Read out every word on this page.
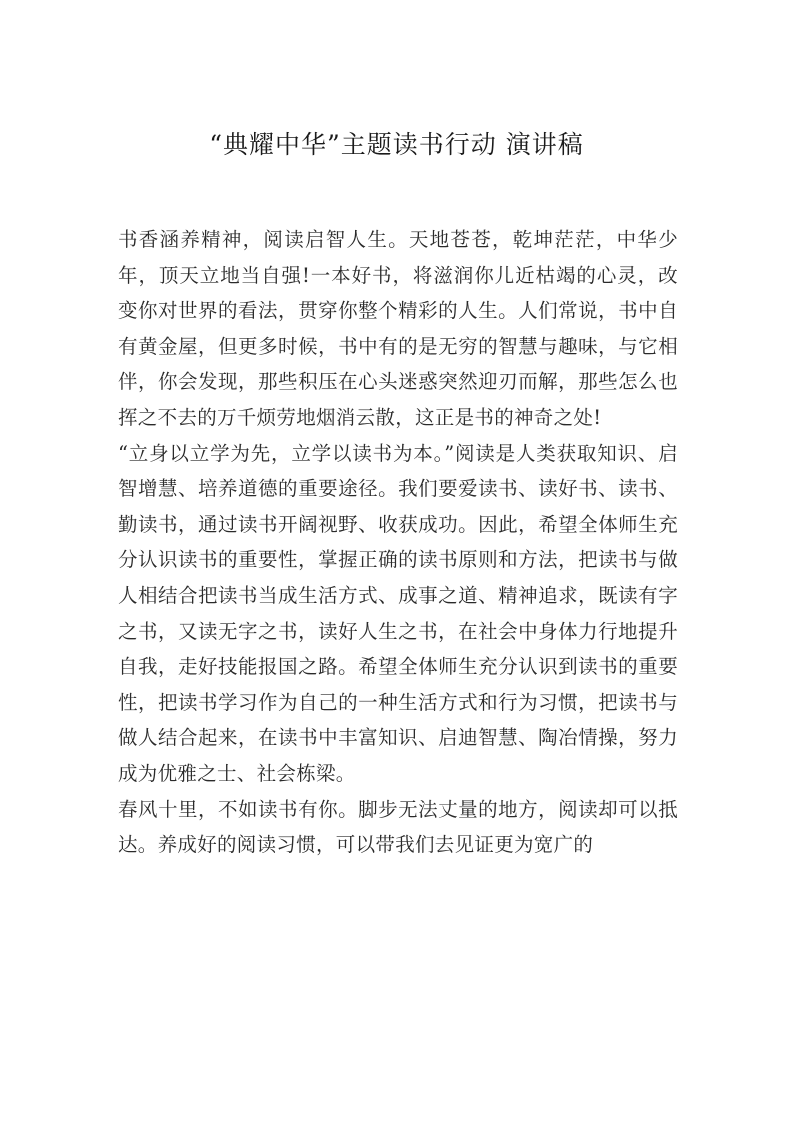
“典耀中华”主题读书行动 演讲稿

书香涵养精神，阅读启智人生。天地苍苍，乾坤茫茫，中华少年，顶天立地当自强!一本好书，将滋润你儿近枯竭的心灵，改变你对世界的看法，贯穿你整个精彩的人生。人们常说，书中自有黄金屋，但更多时候，书中有的是无穷的智慧与趣味，与它相伴，你会发现，那些积压在心头迷惑突然迎刃而解，那些怎么也挥之不去的万千烦劳地烟消云散，这正是书的神奇之处!

“立身以立学为先，立学以读书为本。”阅读是人类获取知识、启智增慧、培养道德的重要途径。我们要爱读书、读好书、读书、勤读书，通过读书开阔视野、收获成功。因此，希望全体师生充分认识读书的重要性，掌握正确的读书原则和方法，把读书与做人相结合把读书当成生活方式、成事之道、精神追求，既读有字之书，又读无字之书，读好人生之书，在社会中身体力行地提升自我，走好技能报国之路。希望全体师生充分认识到读书的重要性，把读书学习作为自己的一种生活方式和行为习惯，把读书与做人结合起来，在读书中丰富知识、启迪智慧、陶冶情操，努力成为优雅之士、社会栋梁。

春风十里，不如读书有你。脚步无法丈量的地方，阅读却可以抵达。养成好的阅读习惯，可以带我们去见证更为宽广的
